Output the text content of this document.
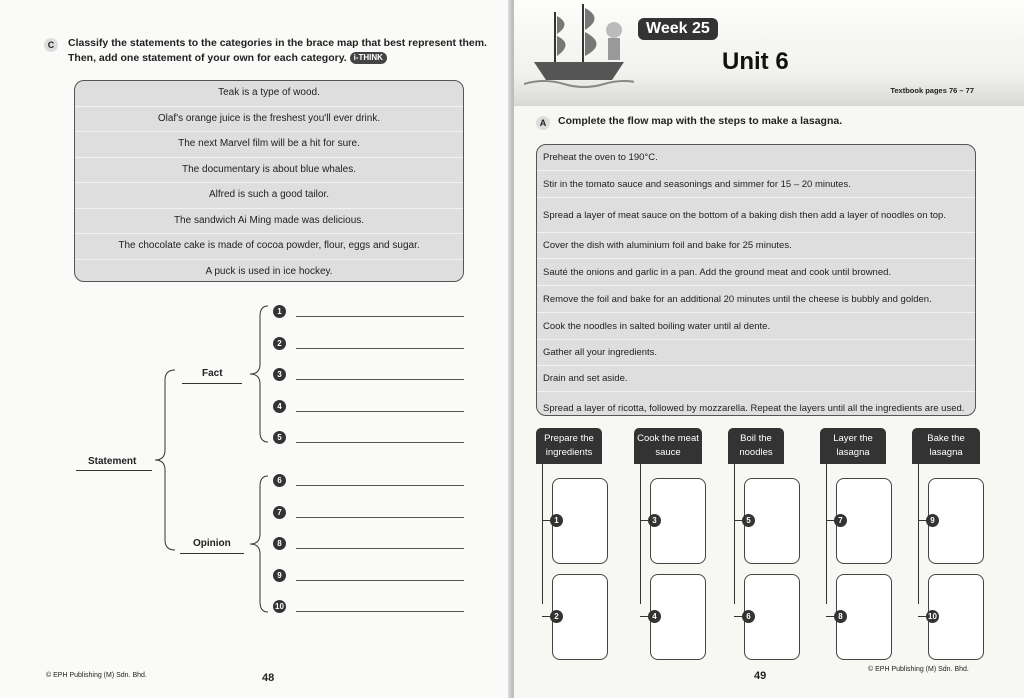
C	Classify the statements to the categories in the brace map that best represent them. Then, add one statement of your own for each category. i-THINK
Teak is a type of wood.
Olaf's orange juice is the freshest you'll ever drink.
The next Marvel film will be a hit for sure.
The documentary is about blue whales.
Alfred is such a good tailor.
The sandwich Ai Ming made was delicious.
The chocolate cake is made of cocoa powder, flour, eggs and sugar.
A puck is used in ice hockey.
Statement
Fact
Opinion
1
2
3
4
5
6
7
8
9
10
© EPH Publishing (M) Sdn. Bhd.	48
Week 25
Unit 6
Textbook pages 76 – 77
A	Complete the flow map with the steps to make a lasagna.
Preheat the oven to 190°C.
Stir in the tomato sauce and seasonings and simmer for 15 – 20 minutes.
Spread a layer of meat sauce on the bottom of a baking dish then add a layer of noodles on top.
Cover the dish with aluminium foil and bake for 25 minutes.
Sauté the onions and garlic in a pan. Add the ground meat and cook until browned.
Remove the foil and bake for an additional 20 minutes until the cheese is bubbly and golden.
Cook the noodles in salted boiling water until al dente.
Gather all your ingredients.
Drain and set aside.
Spread a layer of ricotta, followed by mozzarella. Repeat the layers until all the ingredients are used.
Prepare the ingredients
1
2
Cook the meat sauce
3
4
Boil the noodles
5
6
Layer the lasagna
7
8
Bake the lasagna
9
10
© EPH Publishing (M) Sdn. Bhd.
49
